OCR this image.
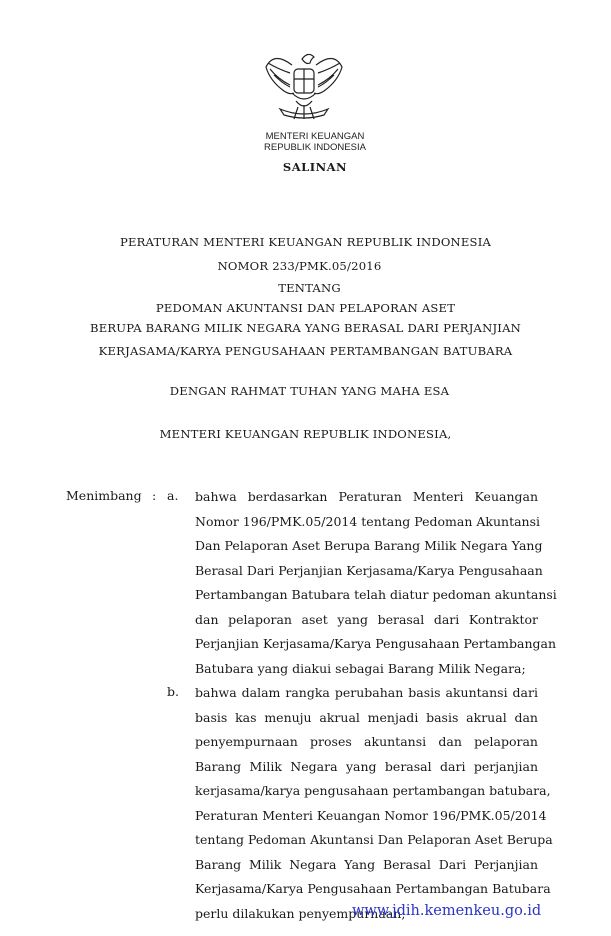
MENTERI KEUANGAN
REPUBLIK INDONESIA
SALINAN
PERATURAN MENTERI KEUANGAN REPUBLIK INDONESIA
NOMOR 233/PMK.05/2016
TENTANG
PEDOMAN AKUNTANSI DAN PELAPORAN ASET
BERUPA BARANG MILIK NEGARA YANG BERASAL DARI PERJANJIAN
KERJASAMA/KARYA PENGUSAHAAN PERTAMBANGAN BATUBARA
DENGAN RAHMAT TUHAN YANG MAHA ESA
MENTERI KEUANGAN REPUBLIK INDONESIA,
Menimbang : a. bahwa berdasarkan Peraturan Menteri Keuangan
Nomor 196/PMK.05/2014 tentang Pedoman Akuntansi
Dan Pelaporan Aset Berupa Barang Milik Negara Yang
Berasal Dari Perjanjian Kerjasama/Karya Pengusahaan
Pertambangan Batubara telah diatur pedoman akuntansi
dan pelaporan aset yang berasal dari Kontraktor
Perjanjian Kerjasama/Karya Pengusahaan Pertambangan
Batubara yang diakui sebagai Barang Milik Negara;
b. bahwa dalam rangka perubahan basis akuntansi dari
basis kas menuju akrual menjadi basis akrual dan
penyempurnaan proses akuntansi dan pelaporan
Barang Milik Negara yang berasal dari perjanjian
kerjasama/karya pengusahaan pertambangan batubara,
Peraturan Menteri Keuangan Nomor 196/PMK.05/2014
tentang Pedoman Akuntansi Dan Pelaporan Aset Berupa
Barang Milik Negara Yang Berasal Dari Perjanjian
Kerjasama/Karya Pengusahaan Pertambangan Batubara
perlu dilakukan penyempurnaan;
www.jdih.kemenkeu.go.id
